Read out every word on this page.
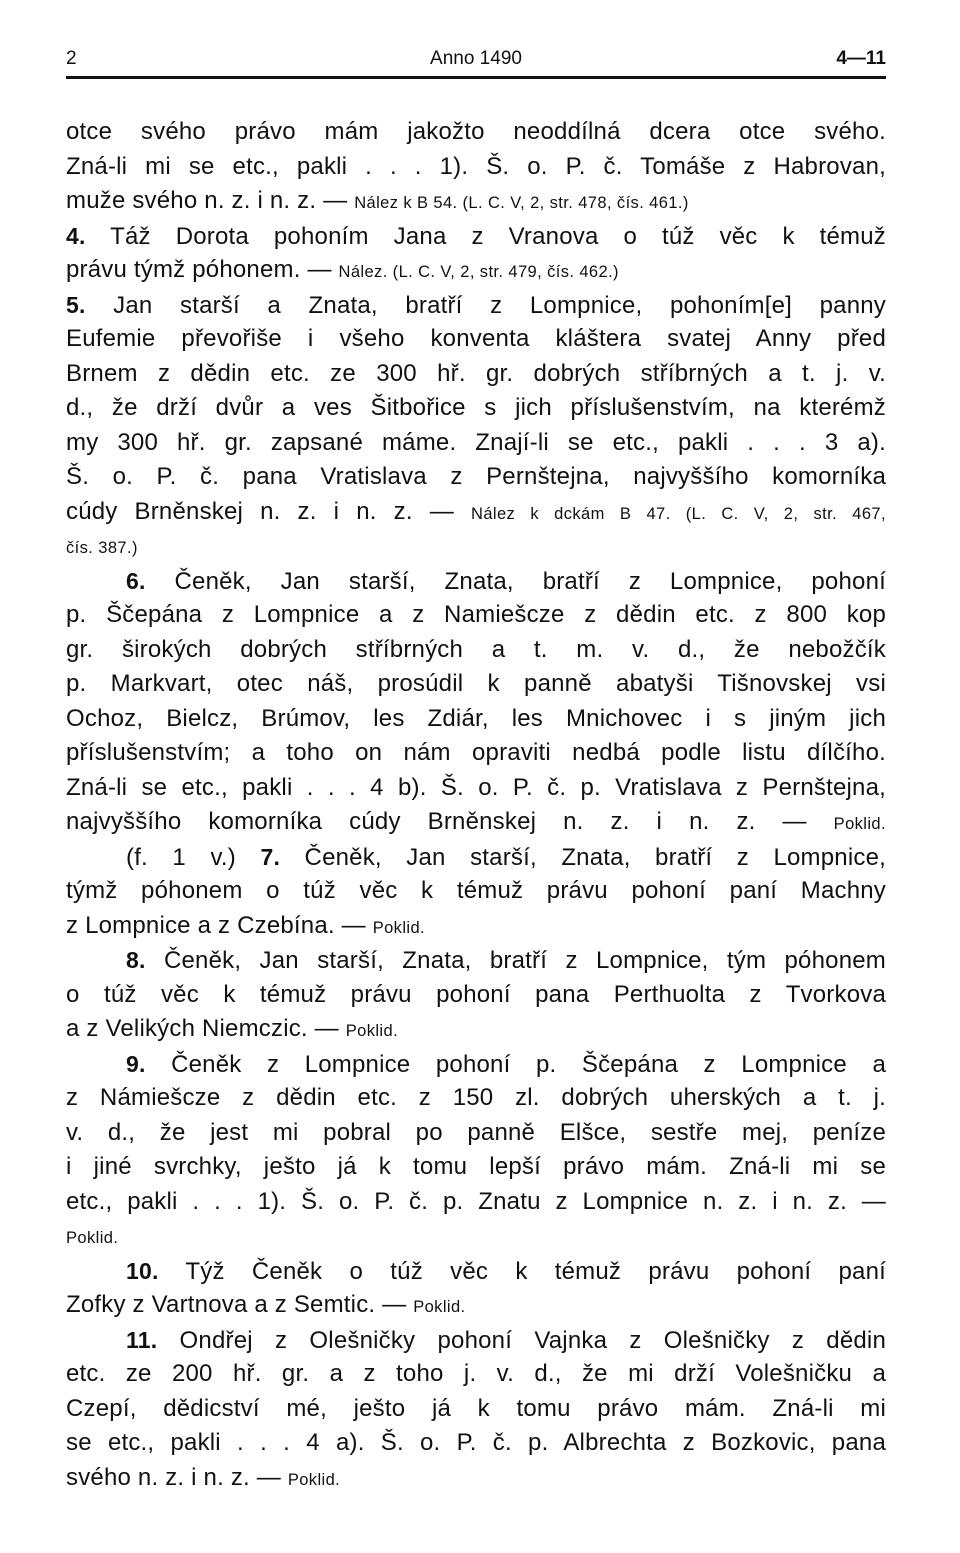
2	Anno 1490	4—11
otce svého právo mám jakožto neoddílná dcera otce svého.
Zná-li mi se etc., pakli . . . 1). Š. o. P. č. Tomáše z Habrovan,
muže svého n. z. i n. z. — Nález k B 54. (L. C. V, 2, str. 478, čís. 461.)
4. Táž Dorota pohoním Jana z Vranova o túž věc k témuž
právu týmž póhonem. — Nález. (L. C. V, 2, str. 479, čís. 462.)
5. Jan starší a Znata, bratří z Lompnice, pohoním[e] panny
Eufemie převořiše i všeho konventa kláštera svatej Anny před
Brnem z dědin etc. ze 300 hř. gr. dobrých stříbrných a t. j. v.
d., že drží dvůr a ves Šitbořice s jich příslušenstvím, na kterémž
my 300 hř. gr. zapsané máme. Znají-li se etc., pakli . . . 3 a).
Š. o. P. č. pana Vratislava z Pernštejna, najvyššího komorníka
cúdy Brněnskej n. z. i n. z. — Nález k dckám B 47. (L. C. V, 2, str. 467,
čís. 387.)
6. Čeněk, Jan starší, Znata, bratří z Lompnice, pohoní
p. Ščepána z Lompnice a z Namiešcze z dědin etc. z 800 kop
gr. širokých dobrých stříbrných a t. m. v. d., že nebožčík
p. Markvart, otec náš, prosúdil k panně abatyši Tišnovskej vsi
Ochoz, Bielcz, Brúmov, les Zdiár, les Mnichovec i s jiným jich
příslušenstvím; a toho on nám opraviti nedbá podle listu dílčího.
Zná-li se etc., pakli . . . 4 b). Š. o. P. č. p. Vratislava z Pernštejna,
najvyššího komorníka cúdy Brněnskej n. z. i n. z. — Poklid.
(f. 1 v.) 7. Čeněk, Jan starší, Znata, bratří z Lompnice,
týmž póhonem o túž věc k témuž právu pohoní paní Machny
z Lompnice a z Czebína. — Poklid.
8. Čeněk, Jan starší, Znata, bratří z Lompnice, tým póhonem
o túž věc k témuž právu pohoní pana Perthuolta z Tvorkova
a z Velikých Niemczic. — Poklid.
9. Čeněk z Lompnice pohoní p. Ščepána z Lompnice a
z Námiešcze z dědin etc. z 150 zl. dobrých uherských a t. j.
v. d., že jest mi pobral po panně Elšce, sestře mej, peníze
i jiné svrchky, ješto já k tomu lepší právo mám. Zná-li mi se
etc., pakli . . . 1). Š. o. P. č. p. Znatu z Lompnice n. z. i n. z. —
Poklid.
10. Týž Čeněk o túž věc k témuž právu pohoní paní
Zofky z Vartnova a z Semtic. — Poklid.
11. Ondřej z Olešničky pohoní Vajnka z Olešničky z dědin
etc. ze 200 hř. gr. a z toho j. v. d., že mi drží Volešničku a
Czepí, dědicství mé, ješto já k tomu právo mám. Zná-li mi
se etc., pakli . . . 4 a). Š. o. P. č. p. Albrechta z Bozkovic, pana
svého n. z. i n. z. — Poklid.
